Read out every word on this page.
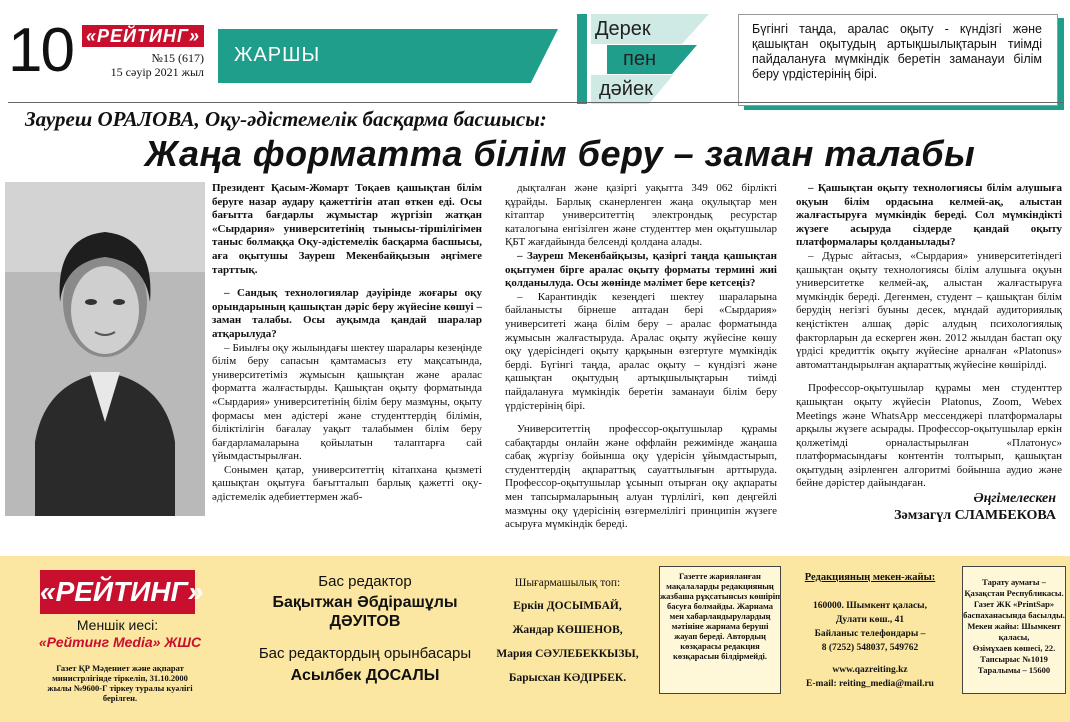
10 «РЕЙТИНГ»
№15 (617)
15 сәуір 2021 жыл
ЖАРШЫ
Дерек
пен
дәйек
Бүгінгі таңда, аралас оқыту - күндізгі және қашықтан оқытудың артықшылықтарын тиімді пайдалануға мүмкіндік беретін заманауи білім беру үрдістерінің бірі.
Зауреш ОРАЛОВА, Оқу-әдістемелік басқарма басшысы:
Жаңа форматта білім беру – заман талабы

Президент Қасым-Жомарт Тоқаев қашықтан білім беруге назар аудару қажеттігін атап өткен еді. Осы бағытта бағдарлы жұмыстар жүргізіп жатқан «Сырдария» университетінің тынысы-тіршілігімен таныс болмаққа Оқу-әдістемелік басқарма басшысы, аға оқытушы Зауреш Мекенбайқызын әңгімеге тарттық.

– Сандық технологиялар дәуірінде жоғары оқу орындарының қашықтан дәріс беру жүйесіне көшуі – заман талабы. Осы ауқымда қандай шаралар атқарылуда?

– Биылғы оқу жылындағы шектеу шаралары кезеңінде білім беру сапасын қамтамасыз ету мақсатында, университетіміз жұмысын қашықтан және аралас форматта жалғастырды. Қашықтан оқыту форматында «Сырдария» университетінің білім беру мазмұны, оқыту формасы мен әдістері және студенттердің білімін, біліктілігін бағалау уақыт талабымен білім беру бағдарламаларына қойылатын талаптарға сай үйымдастырылған.

Сонымен қатар, университеттің кітапхана қызметі қашықтан оқытуға бағытталып барлық қажетті оқу-әдістемелік әдебиеттермен жаб-

дықталған және қазіргі уақытта 349 062 бірлікті құрайды. Барлық сканерленген жаңа оқулықтар мен кітаптар университеттің электрондық ресурстар каталогына енгізілген және студенттер мен оқытушылар ҚБТ жағдайында белсенді қолдана алады.

– Зауреш Мекенбайқызы, қазіргі таңда қашықтан оқытумен бірге аралас оқыту форматы термині жиі қолданылуда. Осы жөнінде мәлімет бере кетсеңіз?

– Карантиндік кезеңдегі шектеу шараларына байланысты бірнеше аптадан бері «Сырдария» университеті жаңа білім беру – аралас форматында жұмысын жалғастыруда. Аралас оқыту жүйесіне көшу оқу үдерісіндегі оқыту қарқынын өзгертуге мүмкіндік берді. Бүгінгі таңда, аралас оқыту – күндізгі және қашықтан оқытудың артықшылықтарын тиімді пайдалануға мүмкіндік беретін заманауи білім беру үрдістерінің бірі.

Университеттің профессор-оқытушылар құрамы сабақтарды онлайн және оффлайн режимінде жаңаша сабақ жүргізу бойынша оқу үдерісін ұйымдастырып, студенттердің ақпараттық сауаттылығын арттыруда. Профессор-оқытушылар ұсынып отырған оқу ақпараты мен тапсырмаларының алуан түрлілігі, көп деңгейлі мазмұны оқу үдерісінің өзгермелілігі принципін жүзеге асыруға мүмкіндік береді.

– Қашықтан оқыту технологиясы білім алушыға оқуын білім ордасына келмей-ақ, алыстан жалғастыруға мүмкіндік береді. Сол мүмкіндікті жүзеге асыруда сіздерде қандай оқыту платформалары қолданылады?

– Дұрыс айтасыз, «Сырдария» университетіндегі қашықтан оқыту технологиясы білім алушыға оқуын университетке келмей-ақ, алыстан жалғастыруға мүмкіндік береді. Дегенмен, студент – қашықтан білім берудің негізгі буыны десек, мұндай аудиториялық кеңістіктен алшақ дәріс алудың психологиялық факторларын да ескерген жөн. 2012 жылдан бастап оқу үрдісі кредиттік оқыту жүйесіне арналған «Platonus» автоматтандырылған ақпараттық жүйесіне көшірілді.

Профессор-оқытушылар құрамы мен студенттер қашықтан оқыту жүйесін Platonus, Zoom, Webex Meetings және WhatsApp мессенджері платформалары арқылы жүзеге асырады. Профессор-оқытушылар еркін қолжетімді орналастырылған «Платонус» платформасындағы контентін толтырып, қашықтан оқытудың әзірленген алгоритмі бойынша аудио және бейне дәрістер дайындаған.

Әңгімелескен
Зәмзагүл СЛАМБЕКОВА
«РЕЙТИНГ»
Меншік иесі:
«Рейтинг Media» ЖШС
Газет ҚР Мәдениет және ақпарат министрлігінде тіркеліп, 31.10.2000 жылы №9600-Г тіркеу туралы куәлігі берілген.
Бас редактор
Бақытжан Әбдірашұлы ДӘУІТОВ
Бас редактордың орынбасары
Асылбек ДОСАЛЫ
Шығармашылық топ:
Еркін ДОСЫМБАЙ,
Жандар КӨШЕНОВ,
Мария СӘУЛЕБЕККЫЗЫ,
Барысхан КӘДІРБЕК.
Газетте жарияланған мақалаларды редакцияның жазбаша рұқсатынсыз көшіріп басуға болмайды. Жарнама мен хабарландырулардың мәтініне жарнама берушi жауап береді. Автордың көзқарасы редакция көзқарасын білдірмейді.
Редакцияның мекен-жайы:
160000. Шымкент қаласы,
Дулати көш., 41
Байланыс телефондары –
8 (7252) 548037, 549762
www.qazreiting.kz
E-mail: reiting_media@mail.ru
Тарату аумағы –
Қазақстан Республикасы.
Газет ЖК «PrintSap»
баспаханасында басылды.
Мекен жайы: Шымкент
қаласы,
Өзімұхаев көшесі, 22.
Тапсырыс №1019
Таралымы – 15600
